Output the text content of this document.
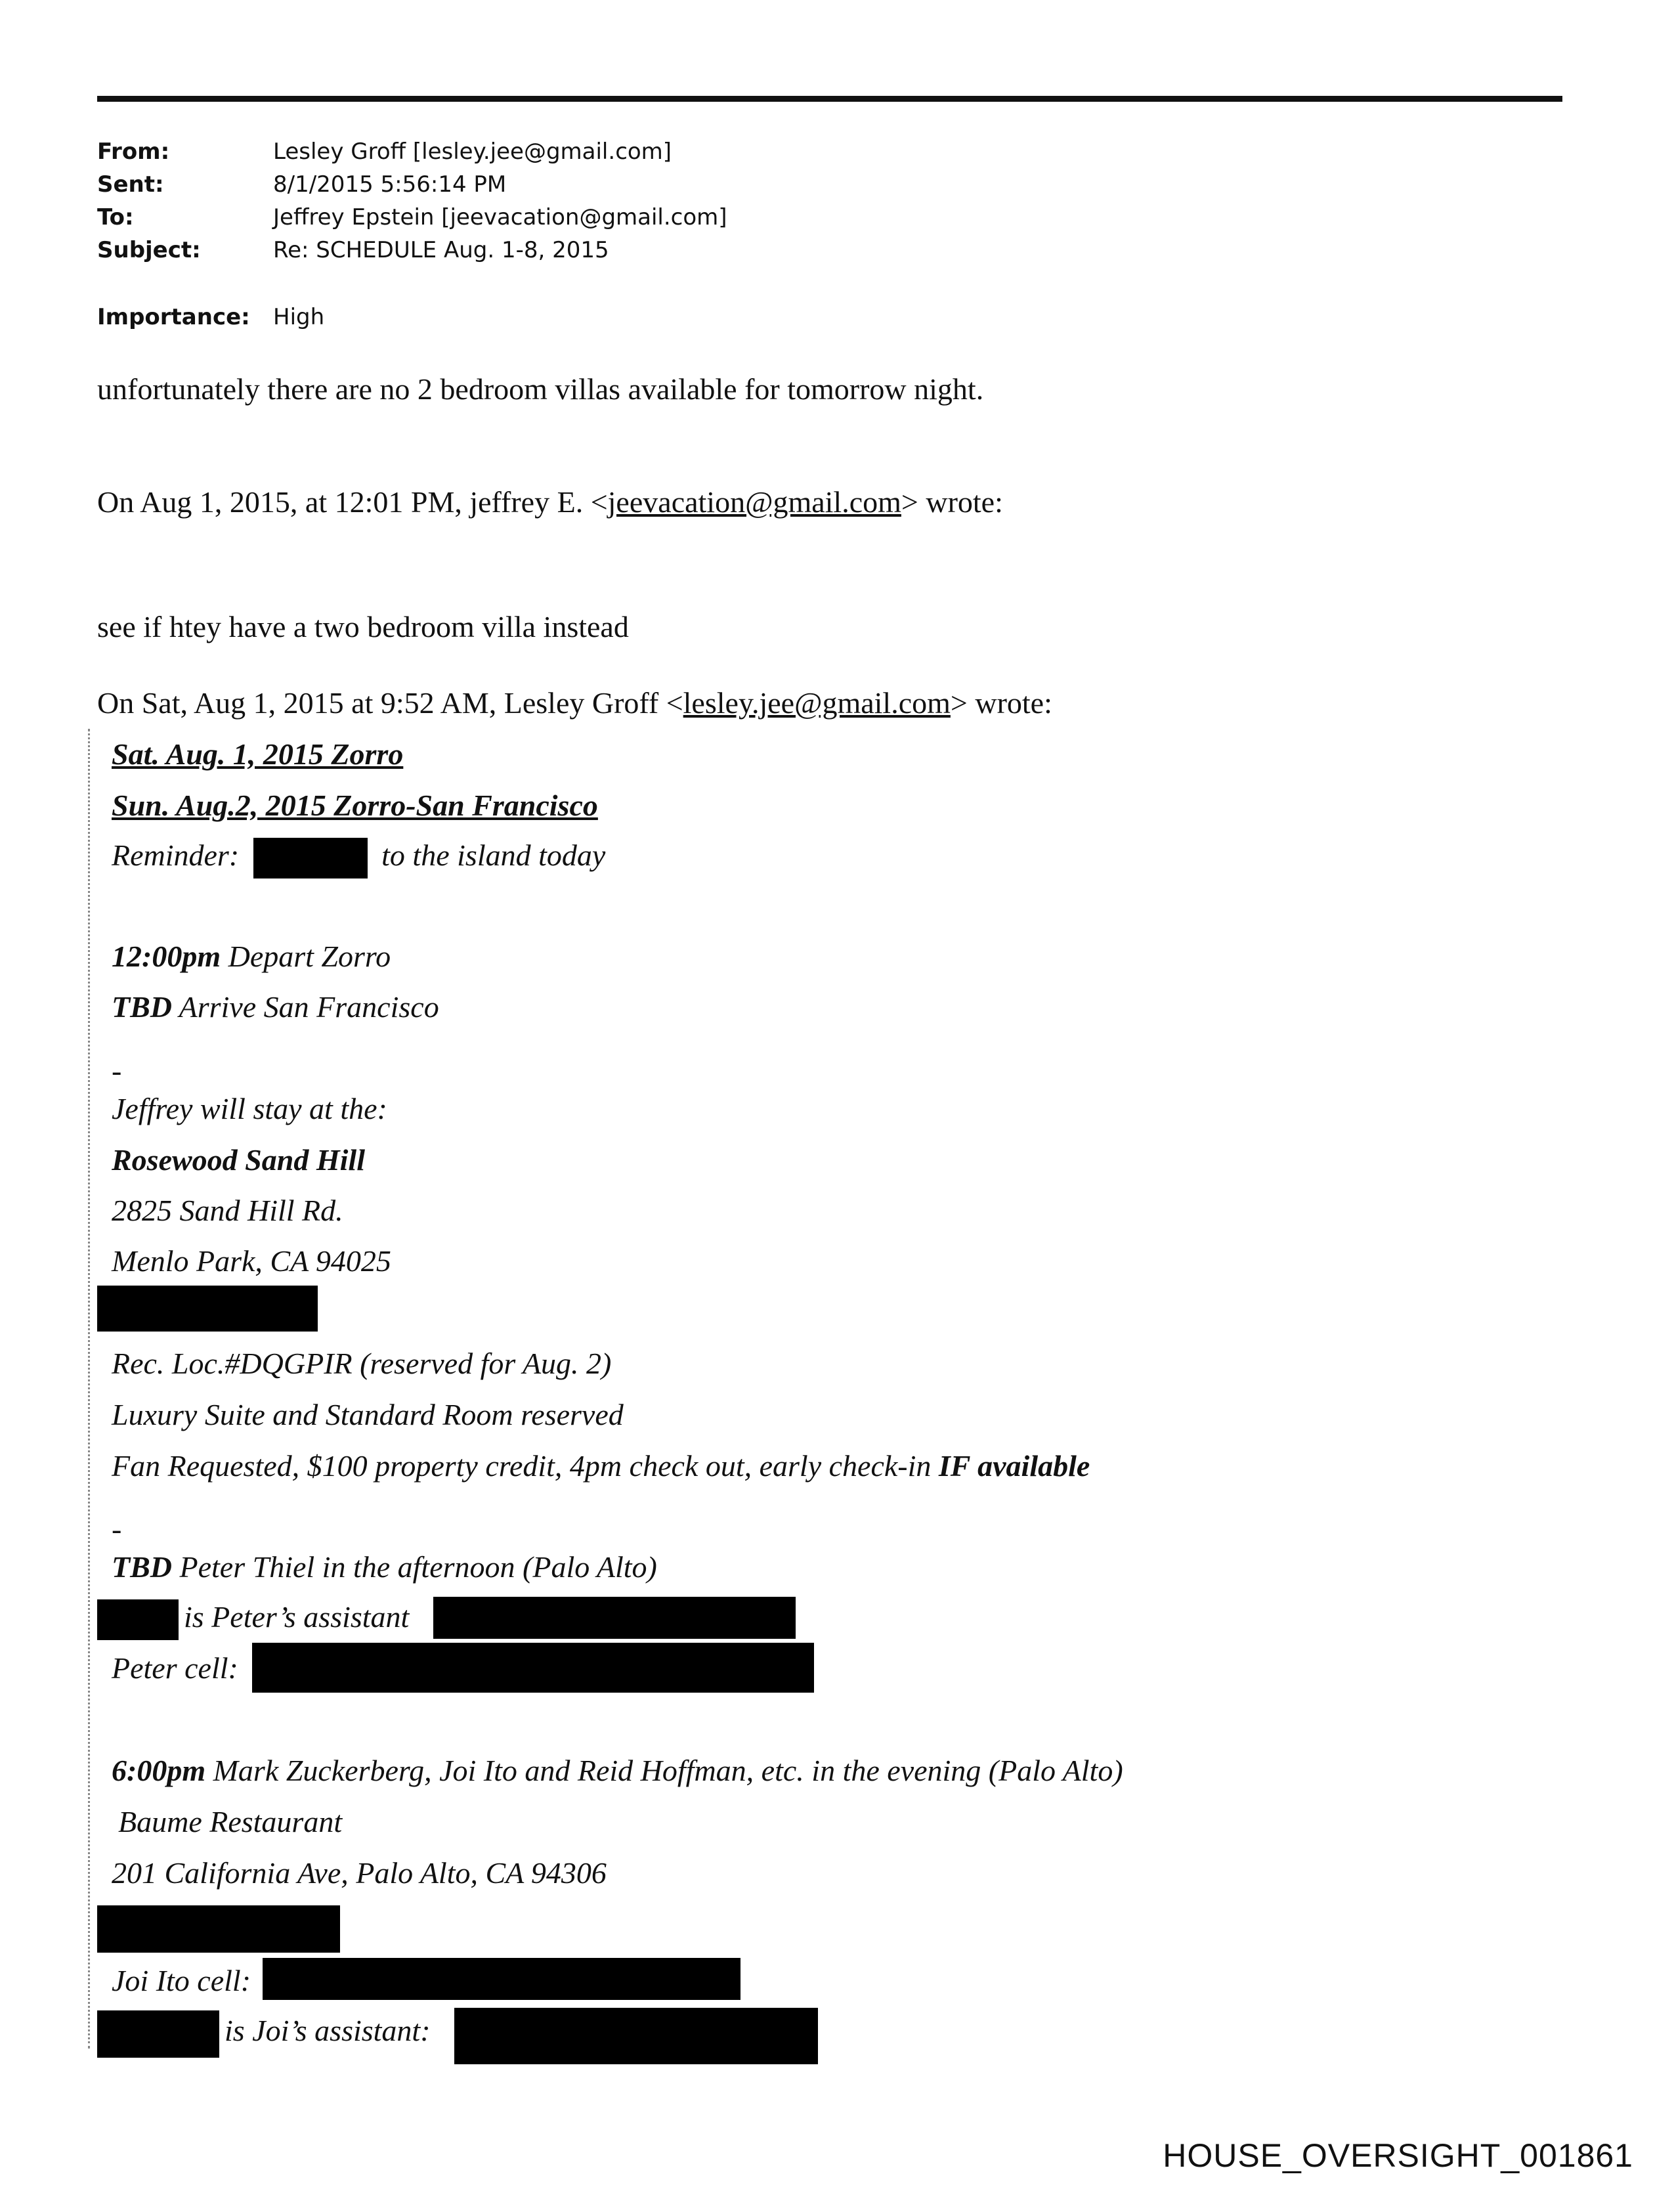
From:	Lesley Groff [lesley.jee@gmail.com]
Sent:	8/1/2015 5:56:14 PM
To:	Jeffrey Epstein [jeevacation@gmail.com]
Subject:	Re: SCHEDULE Aug. 1-8, 2015
Importance: High
unfortunately there are no 2 bedroom villas available for tomorrow night.
On Aug 1, 2015, at 12:01 PM, jeffrey E. <jeevacation@gmail.com> wrote:
see if htey have a two bedroom villa instead
On Sat, Aug 1, 2015 at 9:52 AM, Lesley Groff <lesley.jee@gmail.com> wrote:
Sat. Aug. 1, 2015 Zorro
Sun. Aug.2, 2015 Zorro-San Francisco
Reminder:	to the island today
12:00pm Depart Zorro
TBD Arrive San Francisco
-
Jeffrey will stay at the:
Rosewood Sand Hill
2825 Sand Hill Rd.
Menlo Park, CA 94025
Rec. Loc.#DQGPIR (reserved for Aug. 2)
Luxury Suite and Standard Room reserved
Fan Requested, $100 property credit, 4pm check out, early check-in IF available
-
TBD Peter Thiel in the afternoon (Palo Alto)
is Peter’s assistant
Peter cell:
6:00pm Mark Zuckerberg, Joi Ito and Reid Hoffman, etc. in the evening (Palo Alto)
Baume Restaurant
201 California Ave, Palo Alto, CA 94306
Joi Ito cell:
is Joi’s assistant:
HOUSE_OVERSIGHT_001861
